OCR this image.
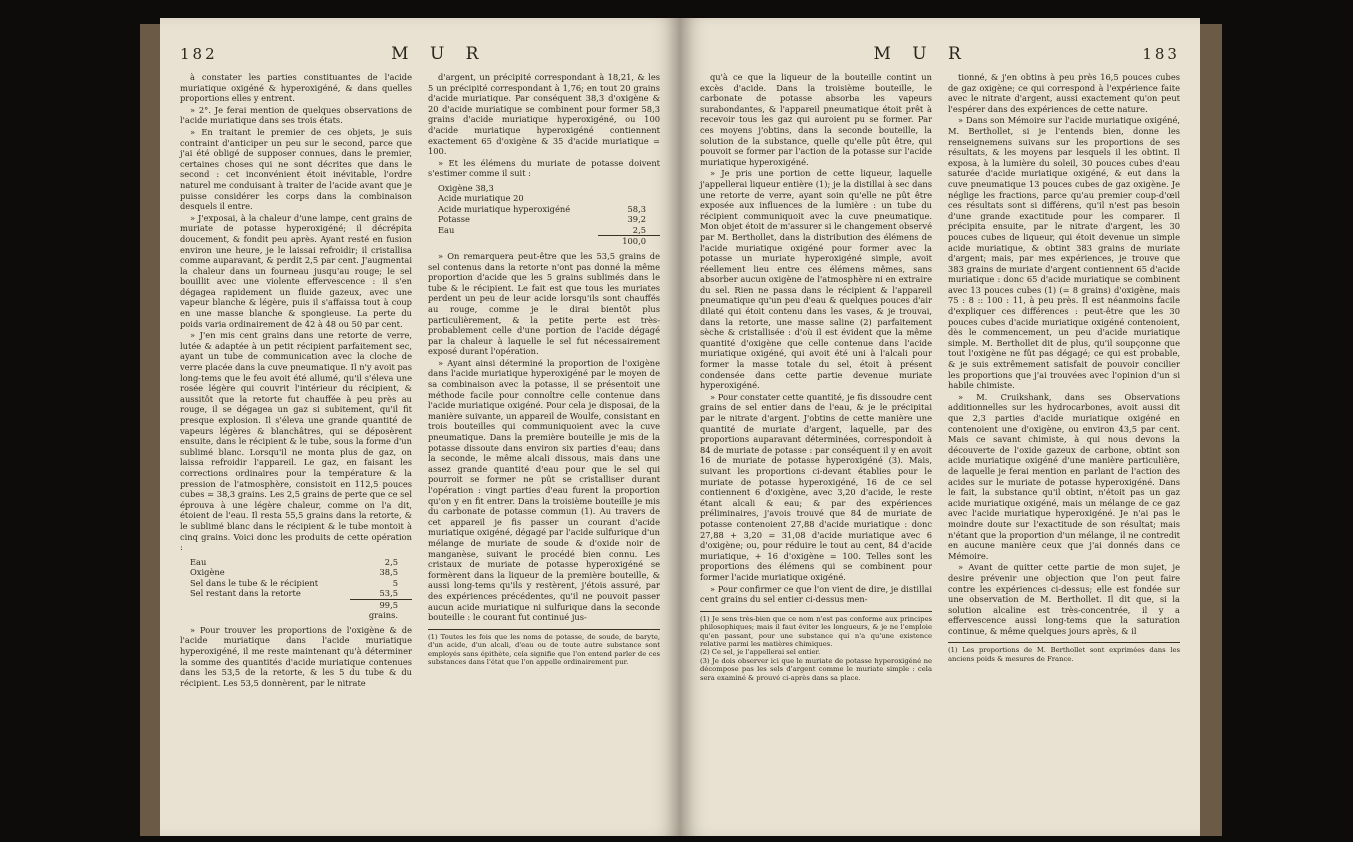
182	M U R

à constater les parties constituantes de l'acide muriatique oxigéné & hyperoxigéné, & dans quelles proportions elles y entrent.

» 2°. Je ferai mention de quelques observations de l'acide muriatique dans ses trois états.

» En traitant le premier de ces objets, je suis contraint d'anticiper un peu sur le second, parce que j'ai été obligé de supposer connues, dans le premier, certaines choses qui ne sont décrites que dans le second : cet inconvénient étoit inévitable, l'ordre naturel me conduisant à traiter de l'acide avant que je puisse considérer les corps dans la combinaison desquels il entre.

» J'exposai, à la chaleur d'une lampe, cent grains de muriate de potasse hyperoxigéné; il décrépita doucement, & fondit peu après. Ayant resté en fusion environ une heure, je le laissai refroidir; il cristallisa comme auparavant, & perdit 2,5 par cent. J'augmentai la chaleur dans un fourneau jusqu'au rouge; le sel bouillit avec une violente effervescence : il s'en dégagea rapidement un fluide gazeux, avec une vapeur blanche & légère, puis il s'affaissa tout à coup en une masse blanche & spongieuse. La perte du poids varia ordinairement de 42 à 48 ou 50 par cent.

» J'en mis cent grains dans une retorte de verre, lutée & adaptée à un petit récipient parfaitement sec, ayant un tube de communication avec la cloche de verre placée dans la cuve pneumatique. Il n'y avoit pas long-tems que le feu avoit été allumé, qu'il s'éleva une rosée légère qui couvrit l'intérieur du récipient, & aussitôt que la retorte fut chauffée à peu près au rouge, il se dégagea un gaz si subitement, qu'il fit presque explosion. Il s'éleva une grande quantité de vapeurs légères & blanchâtres, qui se déposèrent ensuite, dans le récipient & le tube, sous la forme d'un sublimé blanc. Lorsqu'il ne monta plus de gaz, on laissa refroidir l'appareil. Le gaz, en faisant les corrections ordinaires pour la température & la pression de l'atmosphère, consistoit en 112,5 pouces cubes = 38,3 grains. Les 2,5 grains de perte que ce sel éprouva à une légère chaleur, comme on l'a dit, étoient de l'eau. Il resta 55,5 grains dans la retorte, & le sublimé blanc dans le récipient & le tube montoit à cinq grains. Voici donc les produits de cette opération :

Eau	2,5
Oxigène	38,5
Sel dans le tube & le récipient	5
Sel restant dans la retorte	53,5
99,5 grains.

» Pour trouver les proportions de l'oxigène & de l'acide muriatique dans l'acide muriatique hyperoxigéné, il me reste maintenant qu'à déterminer la somme des quantités d'acide muriatique contenues dans les 53,5 de la retorte, & les 5 du tube & du récipient. Les 53,5 donnèrent, par le nitrate

d'argent, un précipité correspondant à 18,21, & les 5 un précipité correspondant à 1,76; en tout 20 grains d'acide muriatique. Par conséquent 38,3 d'oxigène & 20 d'acide muriatique se combinent pour former 58,3 grains d'acide muriatique hyperoxigéné, ou 100 d'acide muriatique hyperoxigéné contiennent exactement 65 d'oxigène & 35 d'acide muriatique = 100.

» Et les élémens du muriate de potasse doivent s'estimer comme il suit :

Oxigène 38,3
Acide muriatique 20
Acide muriatique hyperoxigéné	58,3
Potasse	39,2
Eau	2,5
100,0

» On remarquera peut-être que les 53,5 grains de sel contenus dans la retorte n'ont pas donné la même proportion d'acide que les 5 grains sublimés dans le tube & le récipient. Le fait est que tous les muriates perdent un peu de leur acide lorsqu'ils sont chauffés au rouge, comme je le dirai bientôt plus particulièrement, & la petite perte est très-probablement celle d'une portion de l'acide dégagé par la chaleur à laquelle le sel fut nécessairement exposé durant l'opération.

» Ayant ainsi déterminé la proportion de l'oxigène dans l'acide muriatique hyperoxigéné par le moyen de sa combinaison avec la potasse, il se présentoit une méthode facile pour connoître celle contenue dans l'acide muriatique oxigéné. Pour cela je disposai, de la manière suivante, un appareil de Woulfe, consistant en trois bouteilles qui communiquoient avec la cuve pneumatique. Dans la première bouteille je mis de la potasse dissoute dans environ six parties d'eau; dans la seconde, le même alcali dissous, mais dans une assez grande quantité d'eau pour que le sel qui pourroit se former ne pût se cristalliser durant l'opération : vingt parties d'eau furent la proportion qu'on y en fit entrer. Dans la troisième bouteille je mis du carbonate de potasse commun (1). Au travers de cet appareil je fis passer un courant d'acide muriatique oxigéné, dégagé par l'acide sulfurique d'un mélange de muriate de soude & d'oxide noir de manganèse, suivant le procédé bien connu. Les cristaux de muriate de potasse hyperoxigéné se formèrent dans la liqueur de la première bouteille, & aussi long-tems qu'ils y restèrent, j'étois assuré, par des expériences précédentes, qu'il ne pouvoit passer aucun acide muriatique ni sulfurique dans la seconde bouteille : le courant fut continué jus-

(1) Toutes les fois que les noms de potasse, de soude, de baryte, d'un acide, d'un alcali, d'eau ou de toute autre substance sont employés sans épithète, cela signifie que l'on entend parler de ces substances dans l'état que l'on appelle ordinairement pur.
M U R	183

qu'à ce que la liqueur de la bouteille contint un excès d'acide. Dans la troisième bouteille, le carbonate de potasse absorba les vapeurs surabondantes, & l'appareil pneumatique étoit prêt à recevoir tous les gaz qui auroient pu se former. Par ces moyens j'obtins, dans la seconde bouteille, la solution de la substance, quelle qu'elle pût être, qui pouvoit se former par l'action de la potasse sur l'acide muriatique hyperoxigéné.

» Je pris une portion de cette liqueur, laquelle j'appellerai liqueur entière (1); je la distillai à sec dans une retorte de verre, ayant soin qu'elle ne pût être exposée aux influences de la lumière : un tube du récipient communiquoit avec la cuve pneumatique. Mon objet étoit de m'assurer si le changement observé par M. Berthollet, dans la distribution des élémens de l'acide muriatique oxigéné pour former avec la potasse un muriate hyperoxigéné simple, avoit réellement lieu entre ces élémens mêmes, sans absorber aucun oxigène de l'atmosphère ni en extraire du sel. Rien ne passa dans le récipient & l'appareil pneumatique qu'un peu d'eau & quelques pouces d'air dilaté qui étoit contenu dans les vases, & je trouvai, dans la retorte, une masse saline (2) parfaitement sèche & cristallisée : d'où il est évident que la même quantité d'oxigène que celle contenue dans l'acide muriatique oxigéné, qui avoit été uni à l'alcali pour former la masse totale du sel, étoit à présent condensée dans cette partie devenue muriate hyperoxigéné.

» Pour constater cette quantité, je fis dissoudre cent grains de sel entier dans de l'eau, & je le précipitai par le nitrate d'argent. J'obtins de cette manière une quantité de muriate d'argent, laquelle, par des proportions auparavant déterminées, correspondoit à 84 de muriate de potasse : par conséquent il y en avoit 16 de muriate de potasse hyperoxigéné (3). Mais, suivant les proportions ci-devant établies pour le muriate de potasse hyperoxigéné, 16 de ce sel contiennent 6 d'oxigène, avec 3,20 d'acide, le reste étant alcali & eau; & par des expériences préliminaires, j'avois trouvé que 84 de muriate de potasse contenoient 27,88 d'acide muriatique : donc 27,88 + 3,20 = 31,08 d'acide muriatique avec 6 d'oxigène; ou, pour réduire le tout au cent, 84 d'acide muriatique, + 16 d'oxigène = 100. Telles sont les proportions des élémens qui se combinent pour former l'acide muriatique oxigéné.

» Pour confirmer ce que l'on vient de dire, je distillai cent grains du sel entier ci-dessus men-

(1) Je sens très-bien que ce nom n'est pas conforme aux principes philosophiques; mais il faut éviter les longueurs, & je ne l'emploie qu'en passant, pour une substance qui n'a qu'une existence relative parmi les matières chimiques.
(2) Ce sel, je l'appellerai sel entier.
(3) Je dois observer ici que le muriate de potasse hyperoxigéné ne décompose pas les sels d'argent comme le muriate simple : cela sera examiné & prouvé ci-après dans sa place.

tionné, & j'en obtins à peu près 16,5 pouces cubes de gaz oxigène; ce qui correspond à l'expérience faite avec le nitrate d'argent, aussi exactement qu'on peut l'espérer dans des expériences de cette nature.

» Dans son Mémoire sur l'acide muriatique oxigéné, M. Berthollet, si je l'entends bien, donne les renseignemens suivans sur les proportions de ses résultats, & les moyens par lesquels il les obtint. Il exposa, à la lumière du soleil, 30 pouces cubes d'eau saturée d'acide muriatique oxigéné, & eut dans la cuve pneumatique 13 pouces cubes de gaz oxigène. Je néglige les fractions, parce qu'au premier coup-d'œil ces résultats sont si différens, qu'il n'est pas besoin d'une grande exactitude pour les comparer. Il précipita ensuite, par le nitrate d'argent, les 30 pouces cubes de liqueur, qui étoit devenue un simple acide muriatique, & obtint 383 grains de muriate d'argent; mais, par mes expériences, je trouve que 383 grains de muriate d'argent contiennent 65 d'acide muriatique : donc 65 d'acide muriatique se combinent avec 13 pouces cubes (1) (= 8 grains) d'oxigène, mais 75 : 8 :: 100 : 11, à peu près. Il est néanmoins facile d'expliquer ces différences : peut-être que les 30 pouces cubes d'acide muriatique oxigéné contenoient, dès le commencement, un peu d'acide muriatique simple. M. Berthollet dit de plus, qu'il soupçonne que tout l'oxigène ne fût pas dégagé; ce qui est probable, & je suis extrêmement satisfait de pouvoir concilier les proportions que j'ai trouvées avec l'opinion d'un si habile chimiste.

» M. Cruikshank, dans ses Observations additionnelles sur les hydrocarbones, avoit aussi dit que 2,3 parties d'acide muriatique oxigéné en contenoient une d'oxigène, ou environ 43,5 par cent. Mais ce savant chimiste, à qui nous devons la découverte de l'oxide gazeux de carbone, obtint son acide muriatique oxigéné d'une manière particulière, de laquelle je ferai mention en parlant de l'action des acides sur le muriate de potasse hyperoxigéné. Dans le fait, la substance qu'il obtint, n'étoit pas un gaz acide muriatique oxigéné, mais un mélange de ce gaz avec l'acide muriatique hyperoxigéné. Je n'ai pas le moindre doute sur l'exactitude de son résultat; mais n'étant que la proportion d'un mélange, il ne contredit en aucune manière ceux que j'ai donnés dans ce Mémoire.

» Avant de quitter cette partie de mon sujet, je desire prévenir une objection que l'on peut faire contre les expériences ci-dessus; elle est fondée sur une observation de M. Berthollet. Il dit que, si la solution alcaline est très-concentrée, il y a effervescence aussi long-tems que la saturation continue, & même quelques jours après, & il

(1) Les proportions de M. Berthollet sont exprimées dans les anciens poids & mesures de France.
